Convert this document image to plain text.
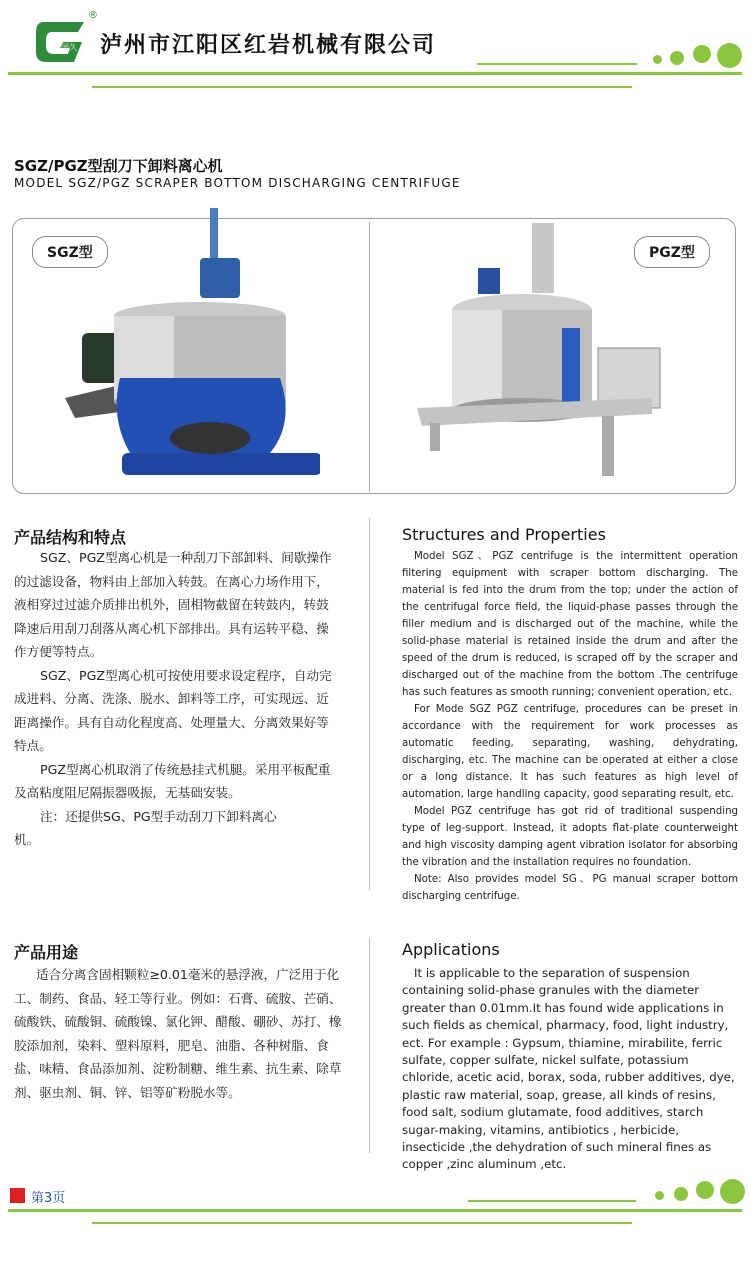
国久
®
泸州市江阳区红岩机械有限公司
SGZ/PGZ型刮刀下卸料离心机
MODEL SGZ/PGZ SCRAPER BOTTOM DISCHARGING CENTRIFUGE
SGZ型	PGZ型
产品结构和特点

SGZ、PGZ型离心机是一种刮刀下部卸料、间歇操作的过滤设备，物料由上部加入转鼓。在离心力场作用下，液相穿过过滤介质排出机外，固相物截留在转鼓内，转鼓降速后用刮刀刮落从离心机下部排出。具有运转平稳、操作方便等特点。

SGZ、PGZ型离心机可按使用要求设定程序，自动完成进料、分离、洗涤、脱水、卸料等工序，可实现远、近距离操作。具有自动化程度高、处理量大、分离效果好等特点。

PGZ型离心机取消了传统悬挂式机腿。采用平板配重及高粘度阻尼隔振器吸振，无基础安装。

注：还提供SG、PG型手动刮刀下卸料离心机。

Structures and Properties

Model SGZ、PGZ centrifuge is the intermittent operation filtering equipment with scraper bottom discharging. The material is fed into the drum from the top; under the action of the centrifugal force field, the liquid-phase passes through the filler medium and is discharged out of the machine, while the solid-phase material is retained inside the drum and after the speed of the drum is reduced, is scraped off by the scraper and discharged out of the machine from the bottom .The centrifuge has such features as smooth running; convenient operation, etc.

For Mode SGZ PGZ centrifuge, procedures can be preset in accordance with the requirement for work processes as automatic feeding, separating, washing, dehydrating, discharging, etc. The machine can be operated at either a close or a long distance. It has such features as high level of automation, large handling capacity, good separating result, etc.

Model PGZ centrifuge has got rid of traditional suspending type of leg-support. Instead, it adopts flat-plate counterweight and high viscosity damping agent vibration isolator for absorbing the vibration and the installation requires no foundation.

Note: Also provides model SG、PG manual scraper bottom discharging centrifuge.

产品用途

适合分离含固相颗粒≥0.01毫米的悬浮液，广泛用于化工、制药、食品、轻工等行业。例如：石膏、硫胺、芒硝、硫酸铁、硫酸铜、硫酸镍、氯化钾、醋酸、硼砂、苏打、橡胶添加剂，染料、塑料原料，肥皂、油脂、各种树脂、食盐、味精、食品添加剂、淀粉制糖、维生素、抗生素、除草剂、驱虫剂、铜、锌、铝等矿粉脱水等。

Applications

It is applicable to the separation of suspension containing solid-phase granules with the diameter greater than 0.01mm.It has found wide applications in such fields as chemical, pharmacy, food, light industry, ect. For example : Gypsum, thiamine, mirabilite, ferric sulfate, copper sulfate, nickel sulfate, potassium chloride, acetic acid, borax, soda, rubber additives, dye, plastic raw material, soap, grease, all kinds of resins, food salt, sodium glutamate, food additives, starch sugar-making, vitamins, antibiotics , herbicide, insecticide ,the dehydration of such mineral fines as copper ,zinc aluminum ,etc.

第3页
